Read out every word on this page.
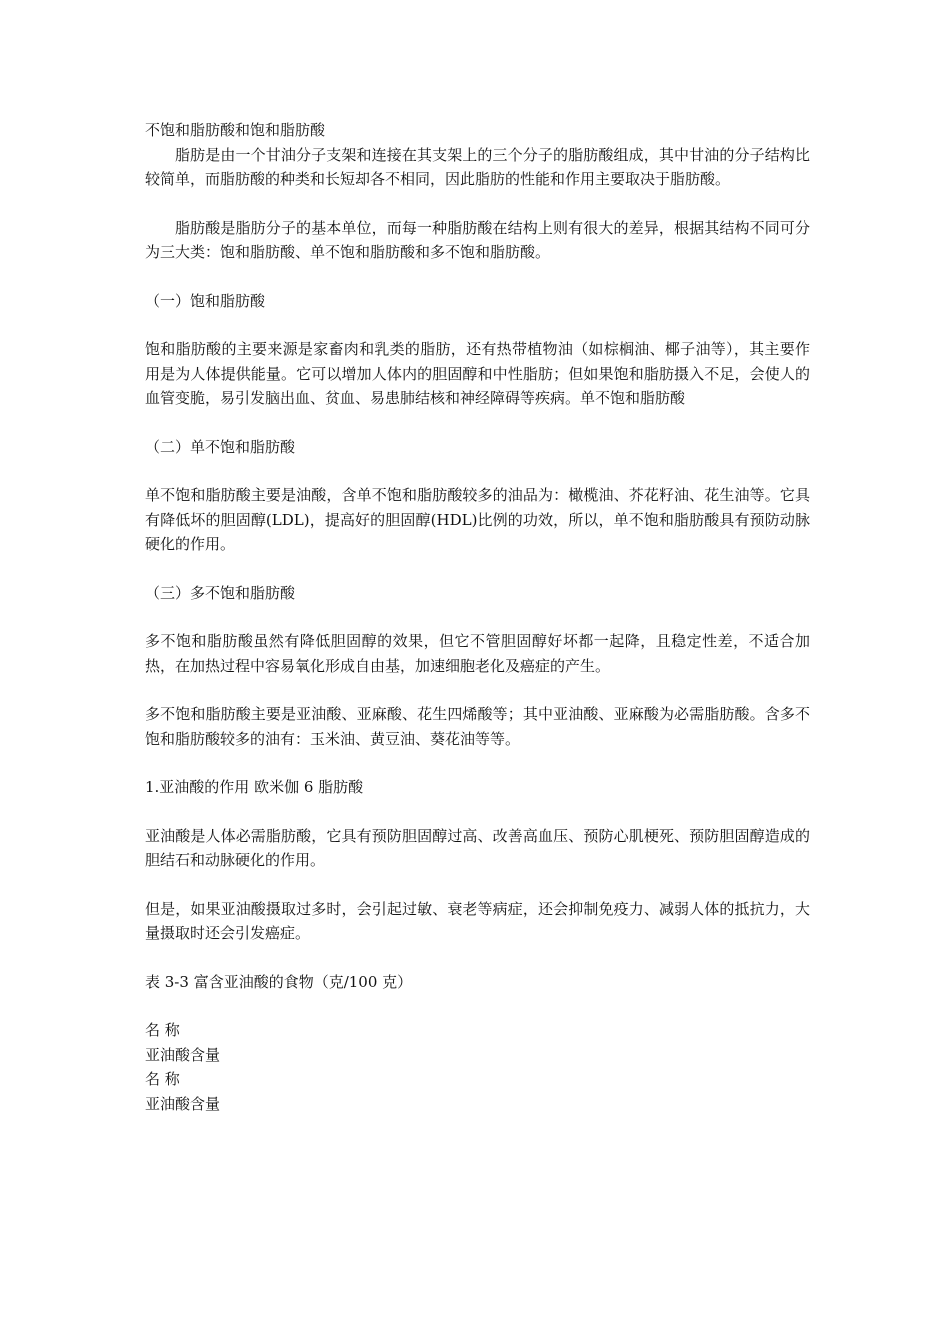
不饱和脂肪酸和饱和脂肪酸

脂肪是由一个甘油分子支架和连接在其支架上的三个分子的脂肪酸组成，其中甘油的分子结构比较简单，而脂肪酸的种类和长短却各不相同，因此脂肪的性能和作用主要取决于脂肪酸。

脂肪酸是脂肪分子的基本单位，而每一种脂肪酸在结构上则有很大的差异，根据其结构不同可分为三大类：饱和脂肪酸、单不饱和脂肪酸和多不饱和脂肪酸。

（一）饱和脂肪酸

饱和脂肪酸的主要来源是家畜肉和乳类的脂肪，还有热带植物油（如棕榈油、椰子油等），其主要作用是为人体提供能量。它可以增加人体内的胆固醇和中性脂肪；但如果饱和脂肪摄入不足，会使人的血管变脆，易引发脑出血、贫血、易患肺结核和神经障碍等疾病。单不饱和脂肪酸

（二）单不饱和脂肪酸

单不饱和脂肪酸主要是油酸，含单不饱和脂肪酸较多的油品为：橄榄油、芥花籽油、花生油等。它具有降低坏的胆固醇(LDL)，提高好的胆固醇(HDL)比例的功效，所以，单不饱和脂肪酸具有预防动脉硬化的作用。

（三）多不饱和脂肪酸

多不饱和脂肪酸虽然有降低胆固醇的效果，但它不管胆固醇好坏都一起降，且稳定性差，不适合加热，在加热过程中容易氧化形成自由基，加速细胞老化及癌症的产生。

多不饱和脂肪酸主要是亚油酸、亚麻酸、花生四烯酸等；其中亚油酸、亚麻酸为必需脂肪酸。含多不饱和脂肪酸较多的油有：玉米油、黄豆油、葵花油等等。

1.亚油酸的作用 欧米伽 6 脂肪酸

亚油酸是人体必需脂肪酸，它具有预防胆固醇过高、改善高血压、预防心肌梗死、预防胆固醇造成的胆结石和动脉硬化的作用。

但是，如果亚油酸摄取过多时，会引起过敏、衰老等病症，还会抑制免疫力、减弱人体的抵抗力，大量摄取时还会引发癌症。

表 3-3 富含亚油酸的食物（克/100 克）

名 称

亚油酸含量

名 称

亚油酸含量
